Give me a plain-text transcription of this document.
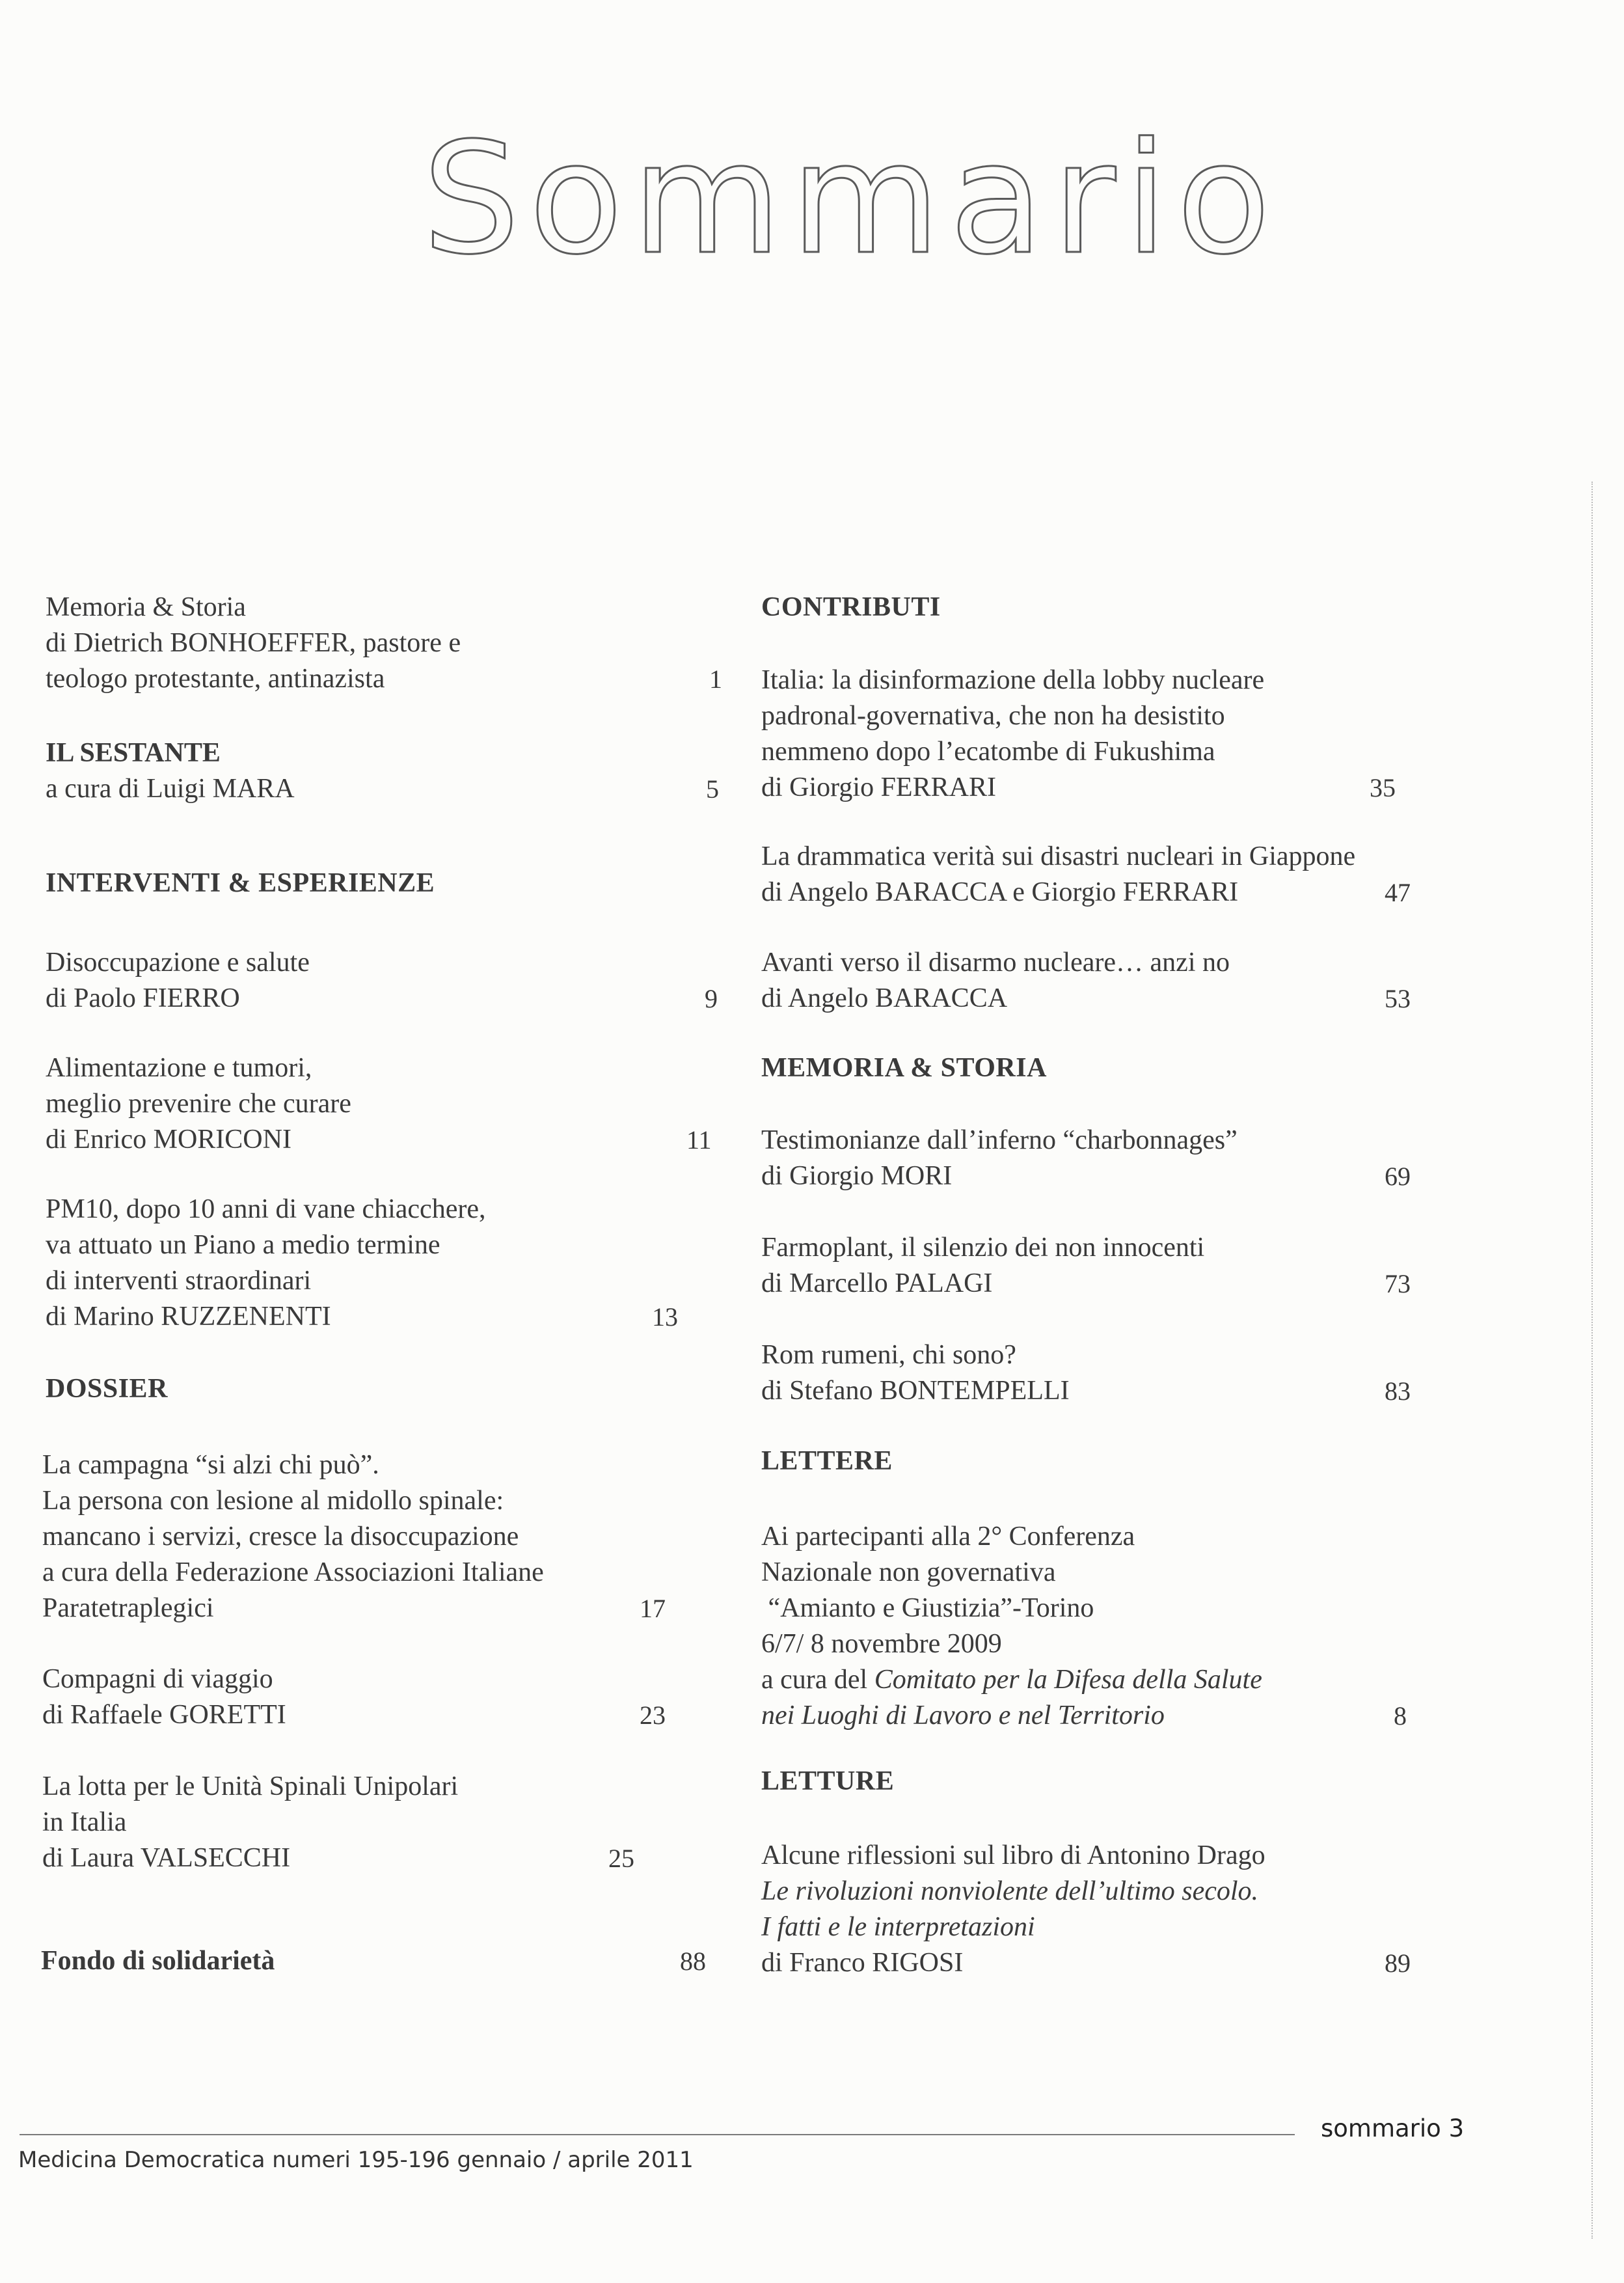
Sommario
Memoria & Storia
di Dietrich BONHOEFFER, pastore e
teologo protestante, antinazista	1
IL SESTANTE
a cura di Luigi MARA	5
INTERVENTI & ESPERIENZE
Disoccupazione e salute
di Paolo FIERRO	9
Alimentazione e tumori,
meglio prevenire che curare
di Enrico MORICONI	11
PM10, dopo 10 anni di vane chiacchere,
va attuato un Piano a medio termine
di interventi straordinari
di Marino RUZZENENTI	13
DOSSIER
La campagna “si alzi chi può”.
La persona con lesione al midollo spinale:
mancano i servizi, cresce la disoccupazione
a cura della Federazione Associazioni Italiane
Paratetraplegici	17
Compagni di viaggio
di Raffaele GORETTI	23
La lotta per le Unità Spinali Unipolari
in Italia
di Laura VALSECCHI	25
Fondo di solidarietà	88
CONTRIBUTI
Italia: la disinformazione della lobby nucleare
padronal-governativa, che non ha desistito
nemmeno dopo l’ecatombe di Fukushima
di Giorgio FERRARI	35
La drammatica verità sui disastri nucleari in Giappone
di Angelo BARACCA e Giorgio FERRARI	47
Avanti verso il disarmo nucleare… anzi no
di Angelo BARACCA	53
MEMORIA & STORIA
Testimonianze dall’inferno “charbonnages”
di Giorgio MORI	69
Farmoplant, il silenzio dei non innocenti
di Marcello PALAGI	73
Rom rumeni, chi sono?
di Stefano BONTEMPELLI	83
LETTERE
Ai partecipanti alla 2° Conferenza
Nazionale non governativa
“Amianto e Giustizia”-Torino
6/7/ 8 novembre 2009
a cura del Comitato per la Difesa della Salute
nei Luoghi di Lavoro e nel Territorio	8
LETTURE
Alcune riflessioni sul libro di Antonino Drago
Le rivoluzioni nonviolente dell’ultimo secolo.
I fatti e le interpretazioni
di Franco RIGOSI	89
sommario 3
Medicina Democratica numeri 195-196 gennaio / aprile 2011
